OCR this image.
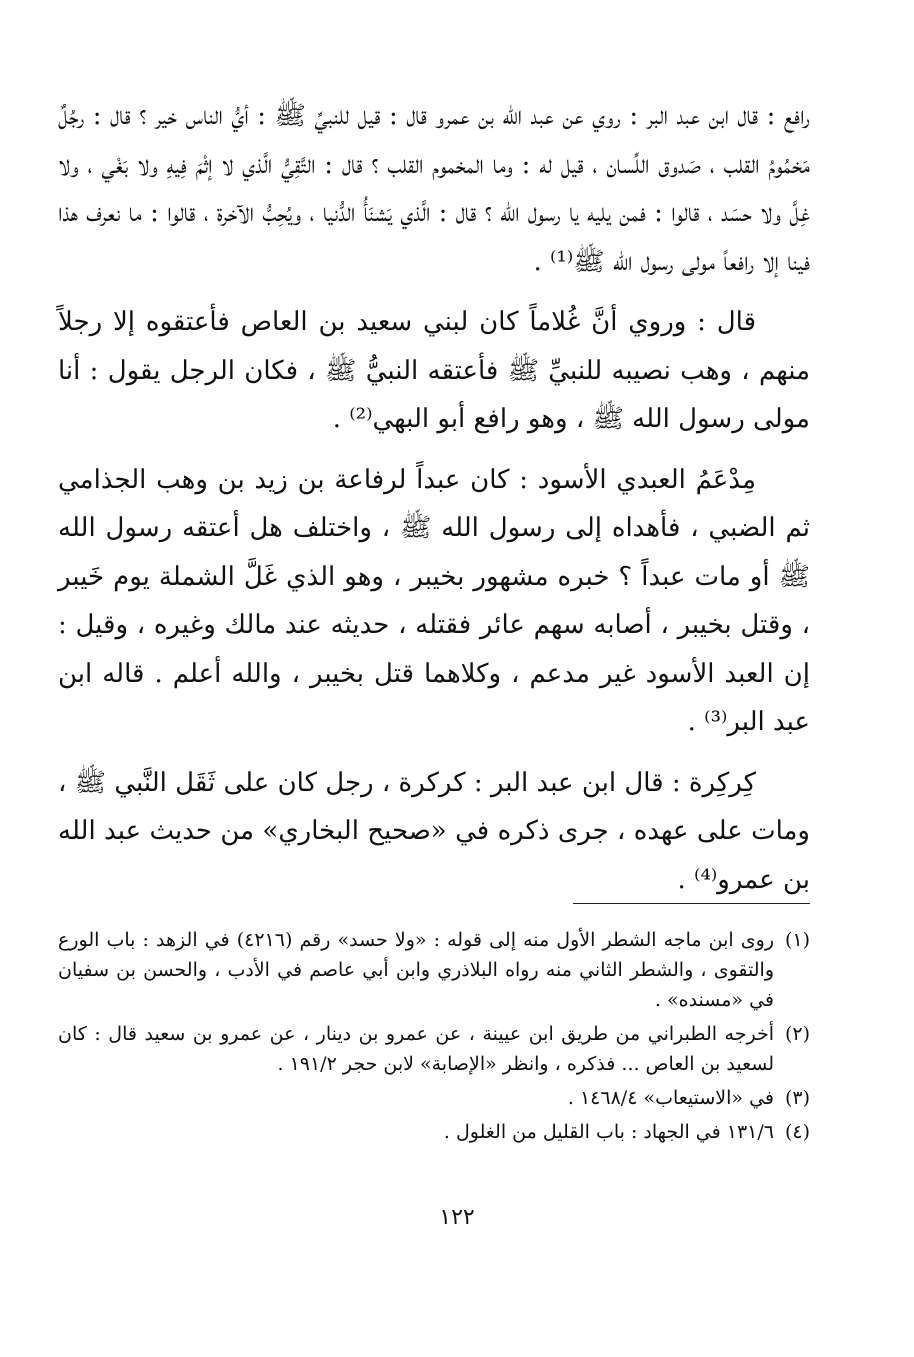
رافع : قال ابن عبد البر : روي عن عبد الله بن عمرو قال : قيل للنبيِّ ﷺ : أيُّ الناس خير ؟ قال : رجُلٌ مَخمُومُ القلب ، صَدوق اللِّسان ، قيل له : وما المخموم القلب ؟ قال : التَّقِيُّ الَّذي لا إثْمَ فِيهِ ولا بَغْي ، ولا غِلَّ ولا حسَد ، قالوا : فمن يليه يا رسول الله ؟ قال : الَّذي يَشنَأُ الدُّنيا ، ويُحِبُّ الآخرة ، قالوا : ما نعرف هذا فينا إلا رافعاً مولى رسول الله ﷺ⁽¹⁾ .

قال : وروي أنَّ غُلاماً كان لبني سعيد بن العاص فأعتقوه إلا رجلاً منهم ، وهب نصيبه للنبيِّ ﷺ فأعتقه النبيُّ ﷺ ، فكان الرجل يقول : أنا مولى رسول الله ﷺ ، وهو رافع أبو البهي⁽²⁾ .

مِدْعَمُ العبدي الأسود : كان عبداً لرفاعة بن زيد بن وهب الجذامي ثم الضبي ، فأهداه إلى رسول الله ﷺ ، واختلف هل أعتقه رسول الله ﷺ أو مات عبداً ؟ خبره مشهور بخيبر ، وهو الذي غَلَّ الشملة يوم خَيبر ، وقتل بخيبر ، أصابه سهم عائر فقتله ، حديثه عند مالك وغيره ، وقيل : إن العبد الأسود غير مدعم ، وكلاهما قتل بخيبر ، والله أعلم . قاله ابن عبد البر⁽³⁾ .

كِركِرة : قال ابن عبد البر : كركرة ، رجل كان على ثَقَل النَّبي ﷺ ، ومات على عهده ، جرى ذكره في «صحيح البخاري» من حديث عبد الله بن عمرو⁽⁴⁾ .

(١)
روى ابن ماجه الشطر الأول منه إلى قوله : «ولا حسد» رقم (٤٢١٦) في الزهد : باب الورع والتقوى ، والشطر الثاني منه رواه البلاذري وابن أبي عاصم في الأدب ، والحسن بن سفيان في «مسنده» .
(٢)
أخرجه الطبراني من طريق ابن عيينة ، عن عمرو بن دينار ، عن عمرو بن سعيد قال : كان لسعيد بن العاص ... فذكره ، وانظر «الإصابة» لابن حجر ١٩١/٢ .
(٣)
في «الاستيعاب» ١٤٦٨/٤ .
(٤)
١٣١/٦ في الجهاد : باب القليل من الغلول .
١٢٢
